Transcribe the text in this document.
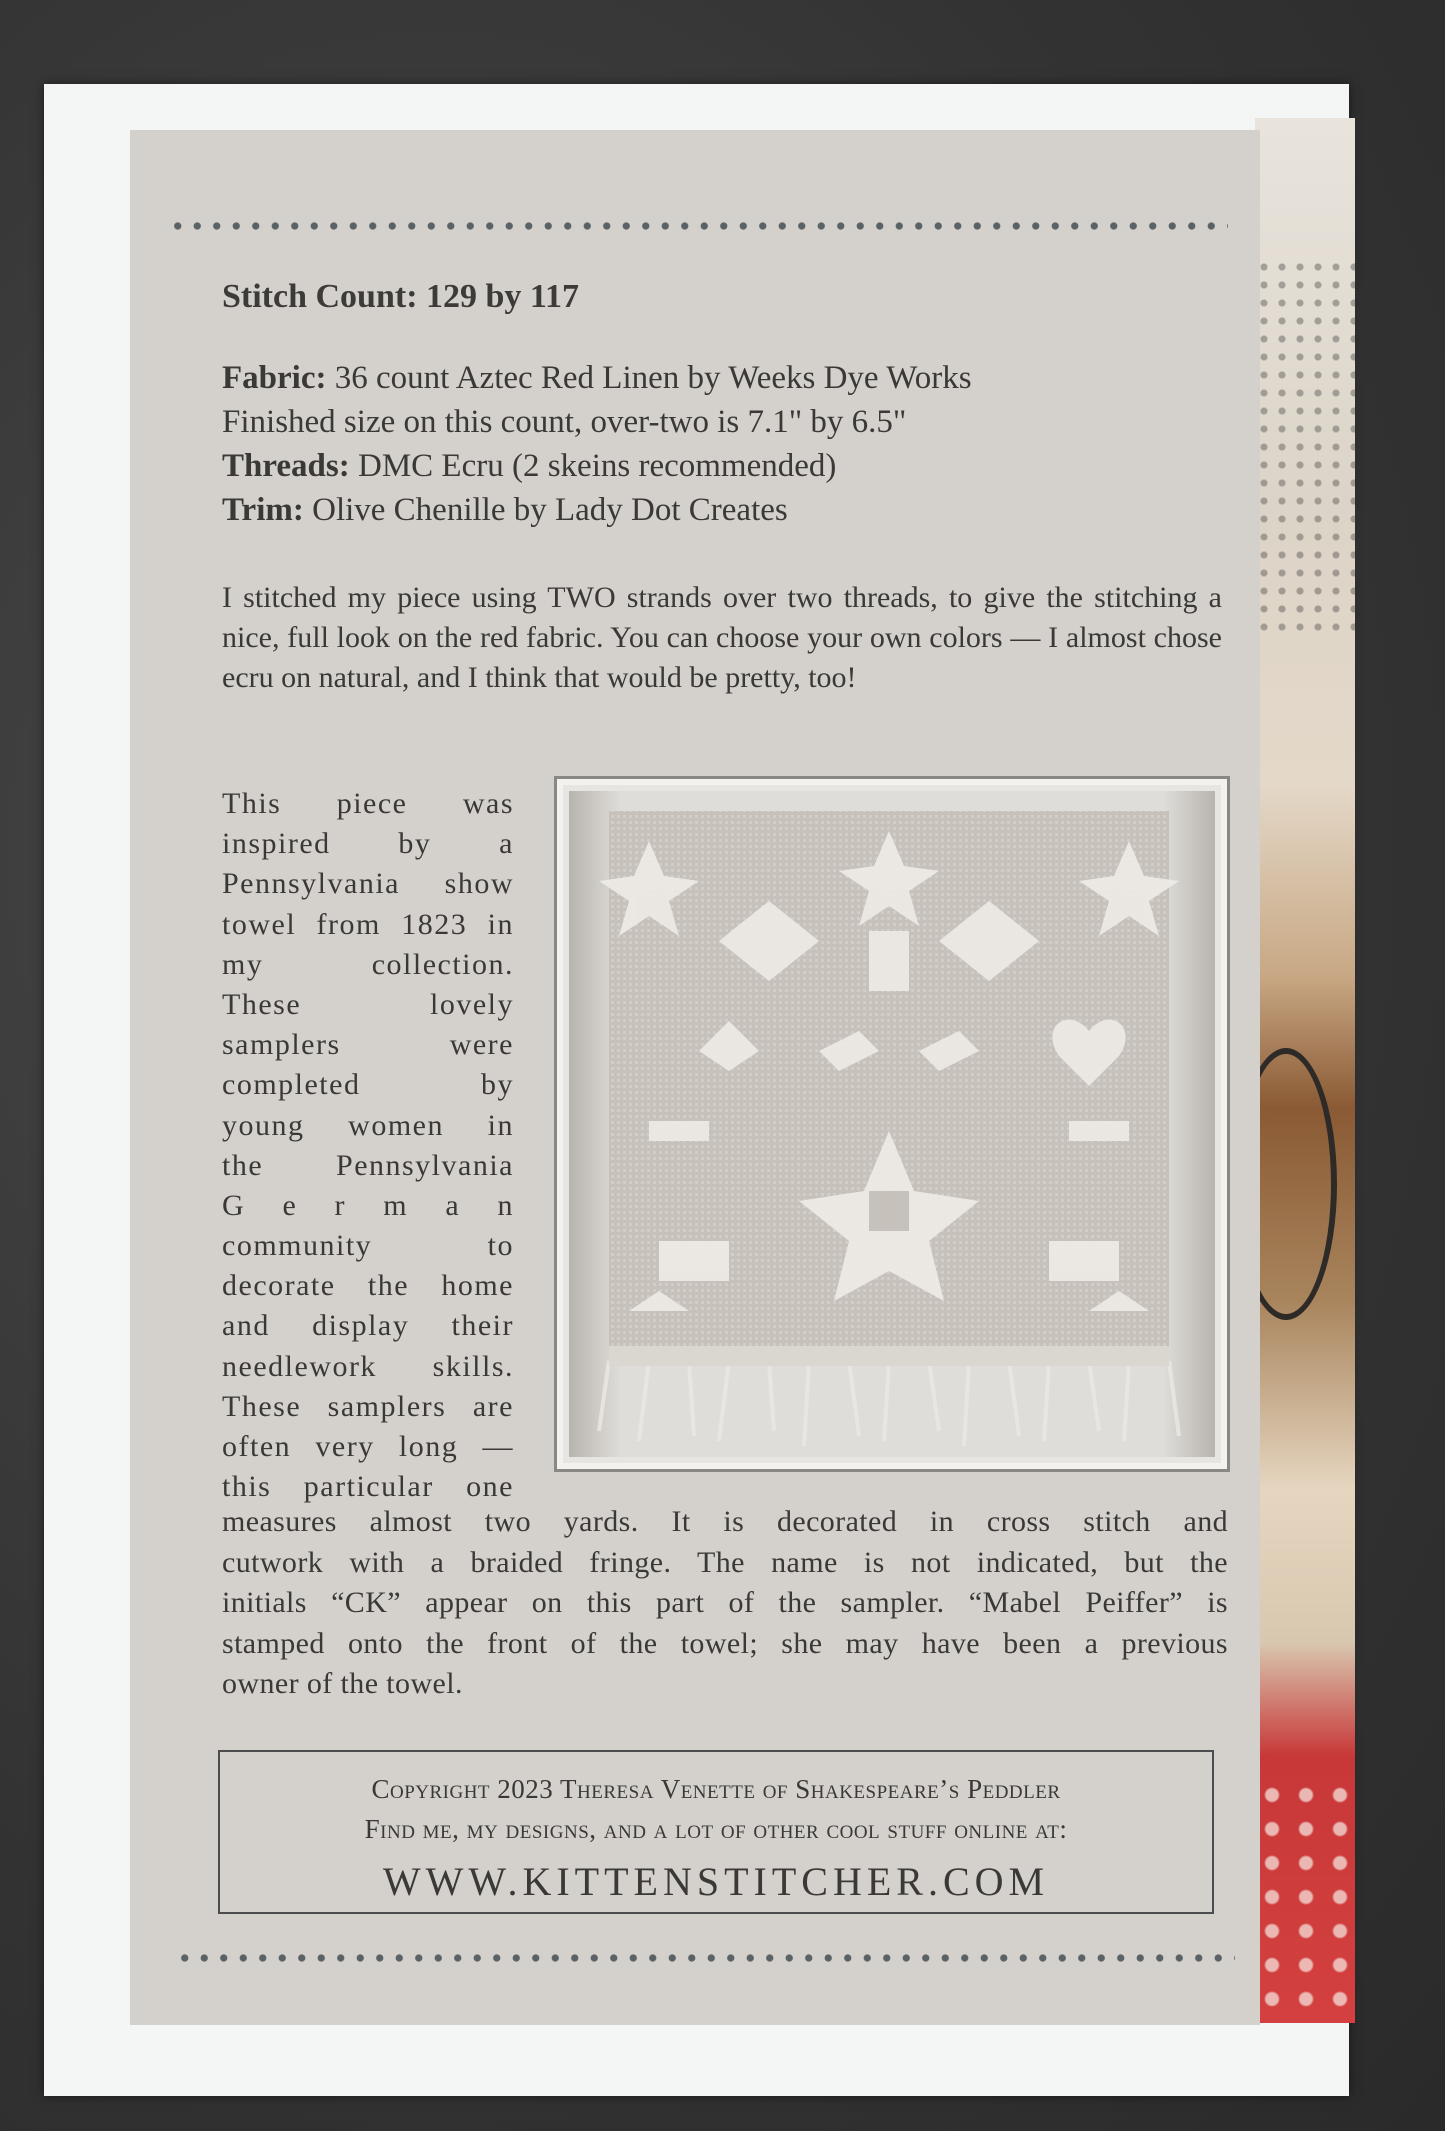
Stitch Count: 129 by 117
Fabric: 36 count Aztec Red Linen by Weeks Dye Works
Finished size on this count, over-two is 7.1" by 6.5"
Threads: DMC Ecru (2 skeins recommended)
Trim: Olive Chenille by Lady Dot Creates
I stitched my piece using TWO strands over two threads, to give the stitching a nice, full look on the red fabric. You can choose your own colors — I almost chose ecru on natural, and I think that would be pretty, too!
This piece was
inspired by a
Pennsylvania show
towel from 1823 in
my collection.
These lovely
samplers were
completed by
young women in
the Pennsylvania
G e r m a n
community to
decorate the home
and display their
needlework skills.
These samplers are
often very long —
this particular one
measures almost two yards. It is decorated in cross stitch and
cutwork with a braided fringe. The name is not indicated, but the
initials “CK” appear on this part of the sampler. “Mabel Peiffer” is
stamped onto the front of the towel; she may have been a previous
owner of the towel.
Copyright 2023 Theresa Venette of Shakespeare’s Peddler
Find me, my designs, and a lot of other cool stuff online at:
WWW.KITTENSTITCHER.COM
